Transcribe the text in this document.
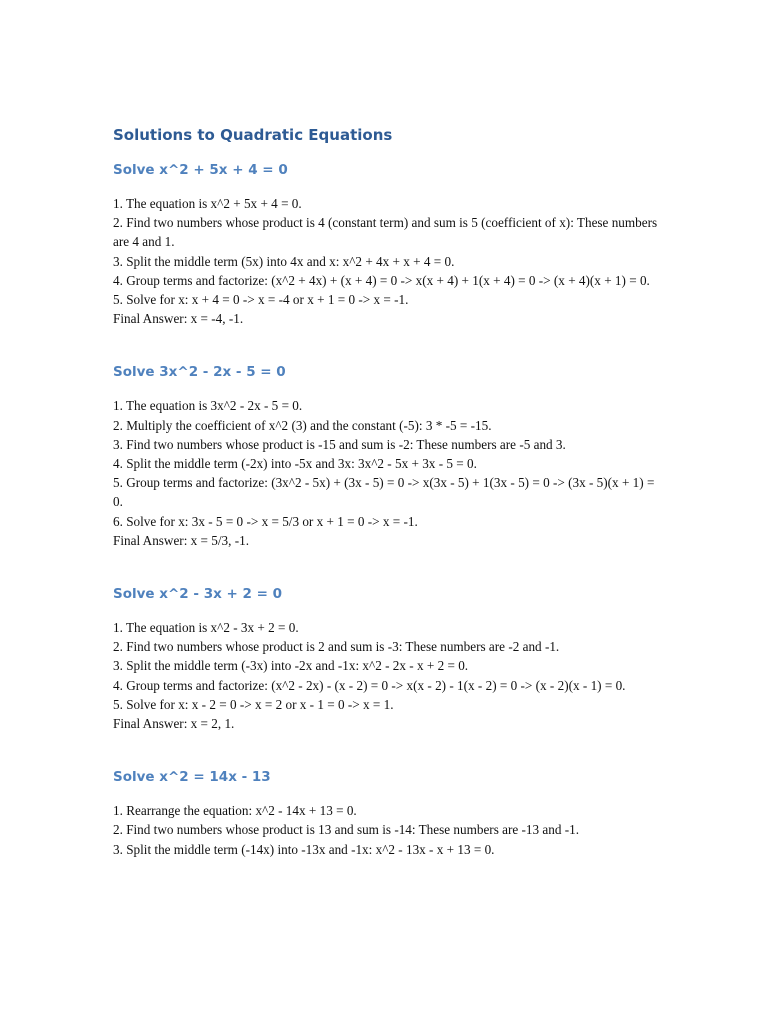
Solutions to Quadratic Equations
Solve x^2 + 5x + 4 = 0

1. The equation is x^2 + 5x + 4 = 0.

2. Find two numbers whose product is 4 (constant term) and sum is 5 (coefficient of x): These numbers are 4 and 1.

3. Split the middle term (5x) into 4x and x: x^2 + 4x + x + 4 = 0.

4. Group terms and factorize: (x^2 + 4x) + (x + 4) = 0 -> x(x + 4) + 1(x + 4) = 0 -> (x + 4)(x + 1) = 0.

5. Solve for x: x + 4 = 0 -> x = -4 or x + 1 = 0 -> x = -1.

Final Answer: x = -4, -1.

Solve 3x^2 - 2x - 5 = 0

1. The equation is 3x^2 - 2x - 5 = 0.

2. Multiply the coefficient of x^2 (3) and the constant (-5): 3 * -5 = -15.

3. Find two numbers whose product is -15 and sum is -2: These numbers are -5 and 3.

4. Split the middle term (-2x) into -5x and 3x: 3x^2 - 5x + 3x - 5 = 0.

5. Group terms and factorize: (3x^2 - 5x) + (3x - 5) = 0 -> x(3x - 5) + 1(3x - 5) = 0 -> (3x - 5)(x + 1) = 0.

6. Solve for x: 3x - 5 = 0 -> x = 5/3 or x + 1 = 0 -> x = -1.

Final Answer: x = 5/3, -1.

Solve x^2 - 3x + 2 = 0

1. The equation is x^2 - 3x + 2 = 0.

2. Find two numbers whose product is 2 and sum is -3: These numbers are -2 and -1.

3. Split the middle term (-3x) into -2x and -1x: x^2 - 2x - x + 2 = 0.

4. Group terms and factorize: (x^2 - 2x) - (x - 2) = 0 -> x(x - 2) - 1(x - 2) = 0 -> (x - 2)(x - 1) = 0.

5. Solve for x: x - 2 = 0 -> x = 2 or x - 1 = 0 -> x = 1.

Final Answer: x = 2, 1.

Solve x^2 = 14x - 13

1. Rearrange the equation: x^2 - 14x + 13 = 0.

2. Find two numbers whose product is 13 and sum is -14: These numbers are -13 and -1.

3. Split the middle term (-14x) into -13x and -1x: x^2 - 13x - x + 13 = 0.
